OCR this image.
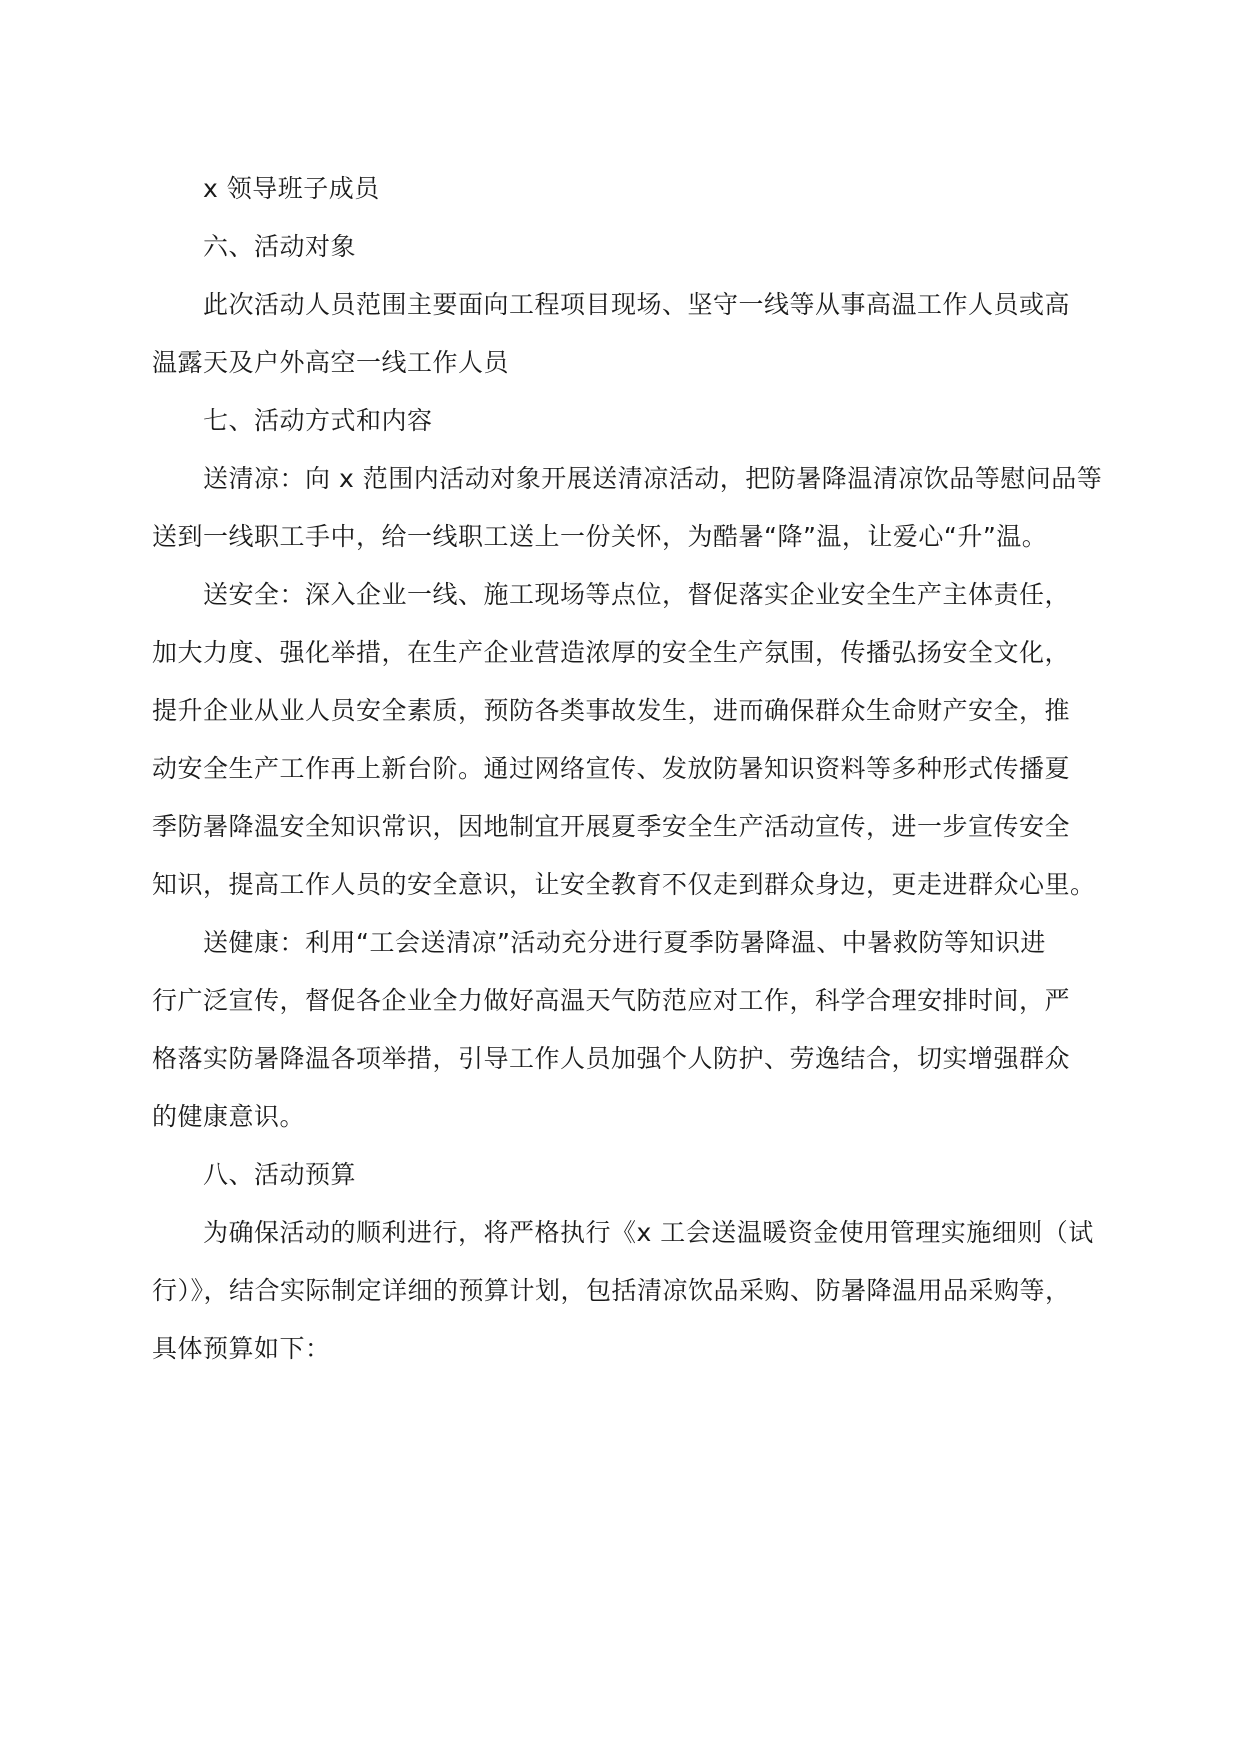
x 领导班子成员

六、活动对象

此次活动人员范围主要面向工程项目现场、坚守一线等从事高温工作人员或高

温露天及户外高空一线工作人员

七、活动方式和内容

送清凉：向 x 范围内活动对象开展送清凉活动，把防暑降温清凉饮品等慰问品等

送到一线职工手中，给一线职工送上一份关怀，为酷暑“降”温，让爱心“升”温。

送安全：深入企业一线、施工现场等点位，督促落实企业安全生产主体责任，

加大力度、强化举措，在生产企业营造浓厚的安全生产氛围，传播弘扬安全文化，

提升企业从业人员安全素质，预防各类事故发生，进而确保群众生命财产安全，推

动安全生产工作再上新台阶。通过网络宣传、发放防暑知识资料等多种形式传播夏

季防暑降温安全知识常识，因地制宜开展夏季安全生产活动宣传，进一步宣传安全

知识，提高工作人员的安全意识，让安全教育不仅走到群众身边，更走进群众心里。

送健康：利用“工会送清凉”活动充分进行夏季防暑降温、中暑救防等知识进

行广泛宣传，督促各企业全力做好高温天气防范应对工作，科学合理安排时间，严

格落实防暑降温各项举措，引导工作人员加强个人防护、劳逸结合，切实增强群众

的健康意识。

八、活动预算

为确保活动的顺利进行，将严格执行《x 工会送温暖资金使用管理实施细则（试

行）》，结合实际制定详细的预算计划，包括清凉饮品采购、防暑降温用品采购等，

具体预算如下：
